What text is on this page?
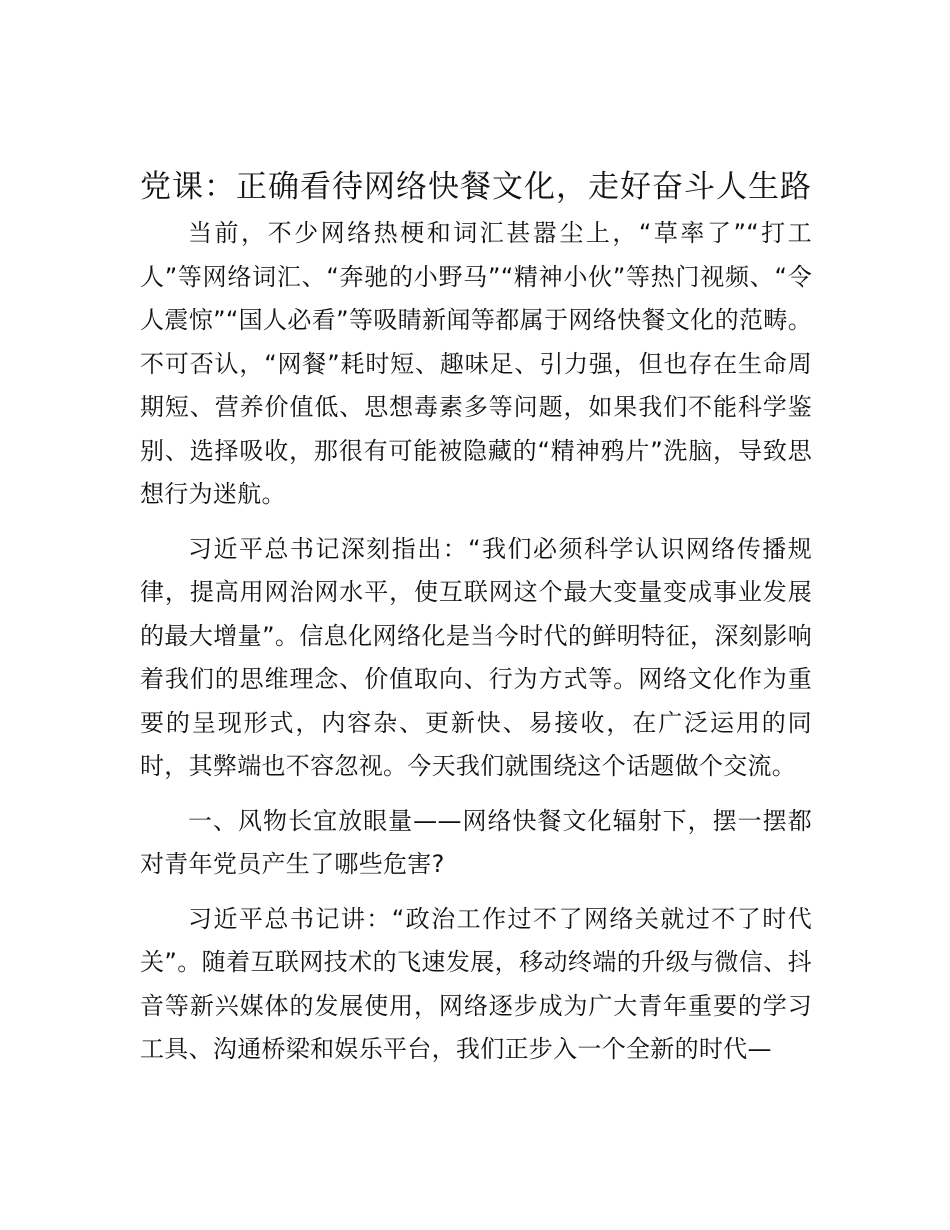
党课：正确看待网络快餐文化，走好奋斗人生路

当前，不少网络热梗和词汇甚嚣尘上，“草率了”“打工人”等网络词汇、“奔驰的小野马”“精神小伙”等热门视频、“令人震惊”“国人必看”等吸睛新闻等都属于网络快餐文化的范畴。不可否认，“网餐”耗时短、趣味足、引力强，但也存在生命周期短、营养价值低、思想毒素多等问题，如果我们不能科学鉴别、选择吸收，那很有可能被隐藏的“精神鸦片”洗脑，导致思想行为迷航。

习近平总书记深刻指出：“我们必须科学认识网络传播规律，提高用网治网水平，使互联网这个最大变量变成事业发展的最大增量”。信息化网络化是当今时代的鲜明特征，深刻影响着我们的思维理念、价值取向、行为方式等。网络文化作为重要的呈现形式，内容杂、更新快、易接收，在广泛运用的同时，其弊端也不容忽视。今天我们就围绕这个话题做个交流。

一、风物长宜放眼量——网络快餐文化辐射下，摆一摆都对青年党员产生了哪些危害?

习近平总书记讲：“政治工作过不了网络关就过不了时代关”。随着互联网技术的飞速发展，移动终端的升级与微信、抖音等新兴媒体的发展使用，网络逐步成为广大青年重要的学习工具、沟通桥梁和娱乐平台，我们正步入一个全新的时代—
